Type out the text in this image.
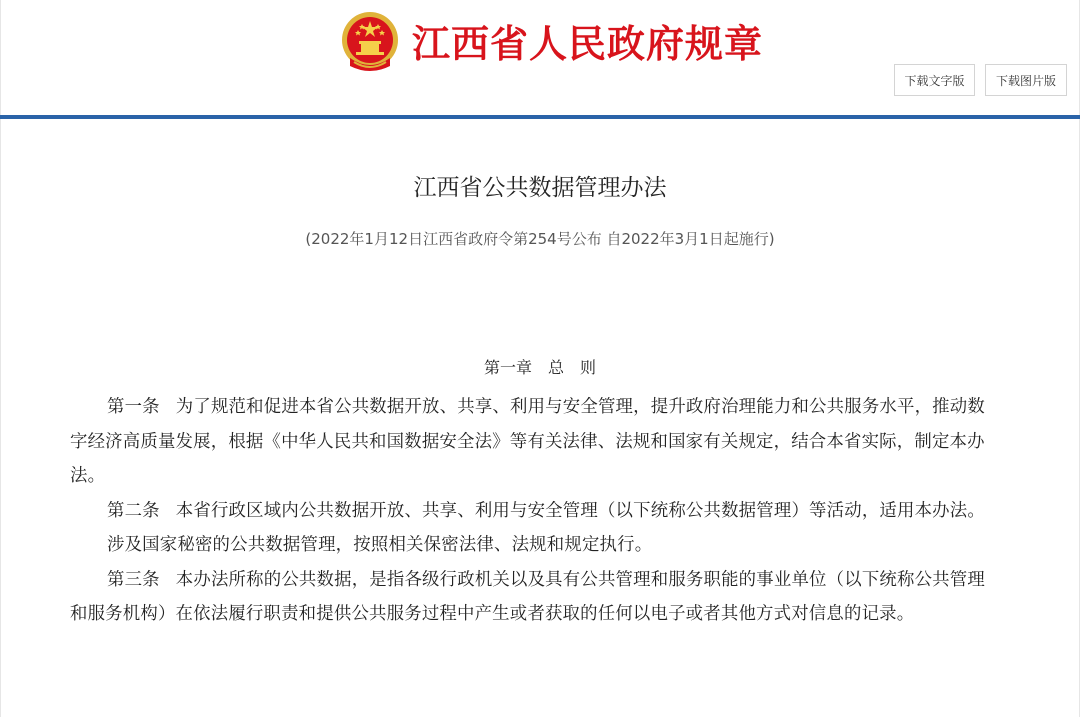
江西省人民政府规章
下载文字版	下载图片版
江西省公共数据管理办法
(2022年1月12日江西省政府令第254号公布 自2022年3月1日起施行)
第一章　总　则

第一条 为了规范和促进本省公共数据开放、共享、利用与安全管理，提升政府治理能力和公共服务水平，推动数字经济高质量发展，根据《中华人民共和国数据安全法》等有关法律、法规和国家有关规定，结合本省实际，制定本办法。

第二条 本省行政区域内公共数据开放、共享、利用与安全管理（以下统称公共数据管理）等活动，适用本办法。

涉及国家秘密的公共数据管理，按照相关保密法律、法规和规定执行。

第三条 本办法所称的公共数据，是指各级行政机关以及具有公共管理和服务职能的事业单位（以下统称公共管理和服务机构）在依法履行职责和提供公共服务过程中产生或者获取的任何以电子或者其他方式对信息的记录。
